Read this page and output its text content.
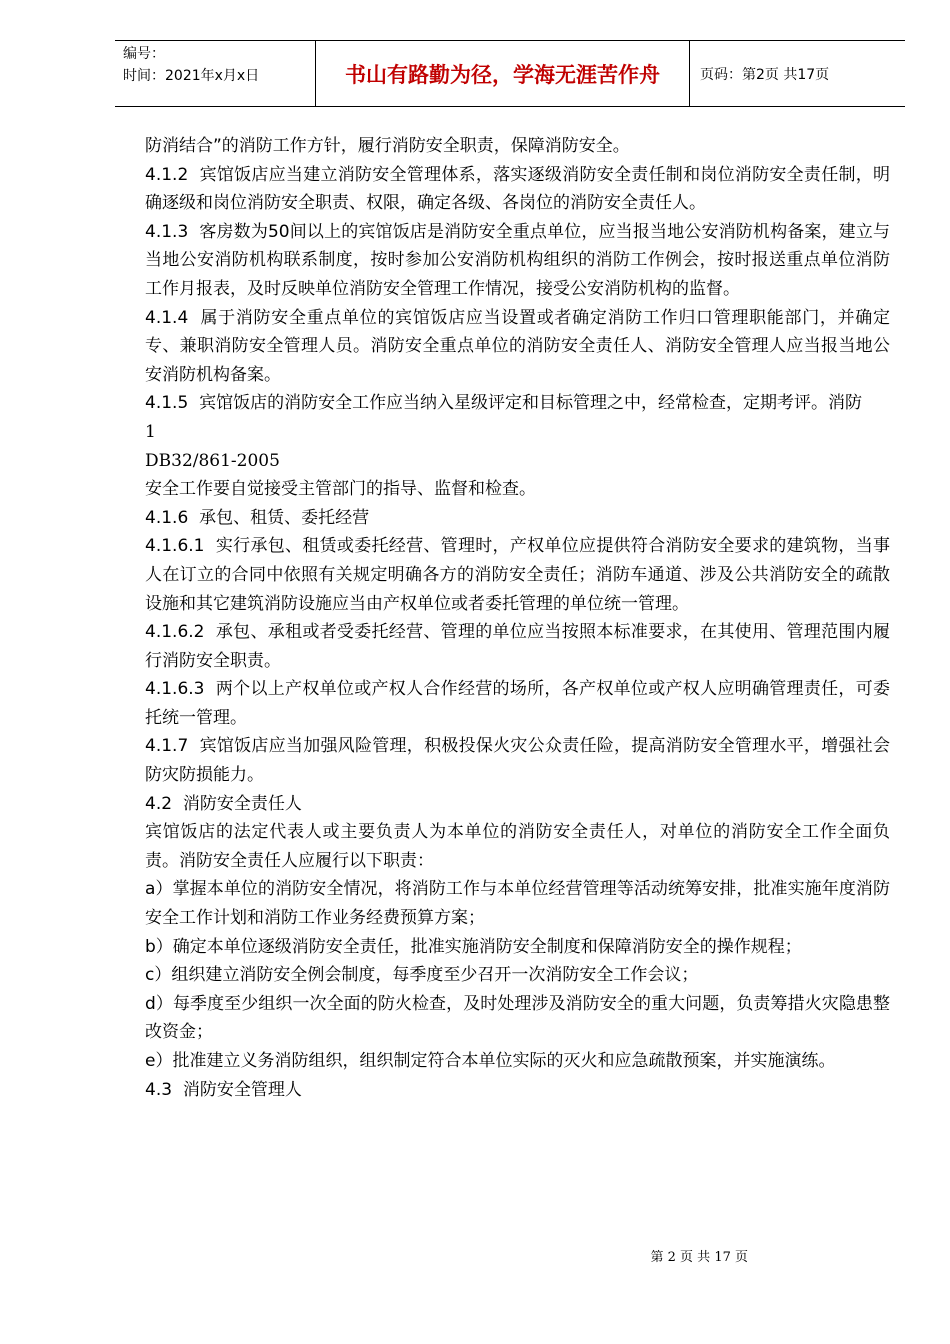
编号：
时间：2021年x月x日	书山有路勤为径，学海无涯苦作舟	页码：第2页 共17页

防消结合”的消防工作方针，履行消防安全职责，保障消防安全。

4.1.2  宾馆饭店应当建立消防安全管理体系，落实逐级消防安全责任制和岗位消防安全责任制，明确逐级和岗位消防安全职责、权限，确定各级、各岗位的消防安全责任人。

4.1.3  客房数为50间以上的宾馆饭店是消防安全重点单位，应当报当地公安消防机构备案，建立与当地公安消防机构联系制度，按时参加公安消防机构组织的消防工作例会，按时报送重点单位消防工作月报表，及时反映单位消防安全管理工作情况，接受公安消防机构的监督。

4.1.4  属于消防安全重点单位的宾馆饭店应当设置或者确定消防工作归口管理职能部门，并确定专、兼职消防安全管理人员。消防安全重点单位的消防安全责任人、消防安全管理人应当报当地公安消防机构备案。

4.1.5  宾馆饭店的消防安全工作应当纳入星级评定和目标管理之中，经常检查，定期考评。消防

1

DB32/861-2005

安全工作要自觉接受主管部门的指导、监督和检查。

4.1.6  承包、租赁、委托经营

4.1.6.1  实行承包、租赁或委托经营、管理时，产权单位应提供符合消防安全要求的建筑物，当事人在订立的合同中依照有关规定明确各方的消防安全责任；消防车通道、涉及公共消防安全的疏散设施和其它建筑消防设施应当由产权单位或者委托管理的单位统一管理。

4.1.6.2  承包、承租或者受委托经营、管理的单位应当按照本标准要求，在其使用、管理范围内履行消防安全职责。

4.1.6.3  两个以上产权单位或产权人合作经营的场所，各产权单位或产权人应明确管理责任，可委托统一管理。

4.1.7  宾馆饭店应当加强风险管理，积极投保火灾公众责任险，提高消防安全管理水平，增强社会防灾防损能力。

4.2  消防安全责任人

宾馆饭店的法定代表人或主要负责人为本单位的消防安全责任人，对单位的消防安全工作全面负责。消防安全责任人应履行以下职责：

a）掌握本单位的消防安全情况，将消防工作与本单位经营管理等活动统筹安排，批准实施年度消防安全工作计划和消防工作业务经费预算方案；

b）确定本单位逐级消防安全责任，批准实施消防安全制度和保障消防安全的操作规程；

c）组织建立消防安全例会制度，每季度至少召开一次消防安全工作会议；

d）每季度至少组织一次全面的防火检查，及时处理涉及消防安全的重大问题，负责筹措火灾隐患整改资金；

e）批准建立义务消防组织，组织制定符合本单位实际的灭火和应急疏散预案，并实施演练。

4.3  消防安全管理人

第 2 页 共 17 页
